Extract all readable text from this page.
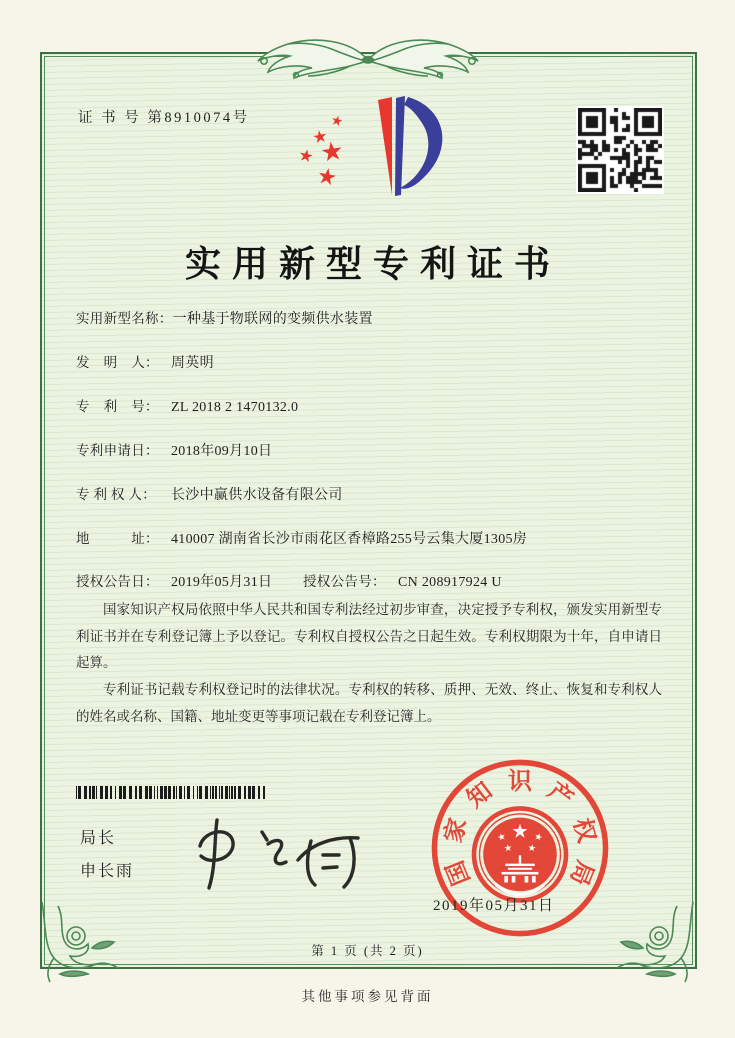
证 书 号 第8910074号
实用新型专利证书
实用新型名称：一种基于物联网的变频供水装置
发　明　人： 周英明
专　利　号： ZL 2018 2 1470132.0
专利申请日： 2018年09月10日
专 利 权 人： 长沙中赢供水设备有限公司
地　　　址： 410007 湖南省长沙市雨花区香樟路255号云集大厦1305房
授权公告日： 2019年05月31日 授权公告号： CN 208917924 U

国家知识产权局依照中华人民共和国专利法经过初步审查，决定授予专利权，颁发实用新型专利证书并在专利登记簿上予以登记。专利权自授权公告之日起生效。专利权期限为十年，自申请日起算。

专利证书记载专利权登记时的法律状况。专利权的转移、质押、无效、终止、恢复和专利权人的姓名或名称、国籍、地址变更等事项记载在专利登记簿上。

局长
申长雨	国
家
知 识 产
权
局
2019年05月31日
第 1 页 (共 2 页)
其他事项参见背面
